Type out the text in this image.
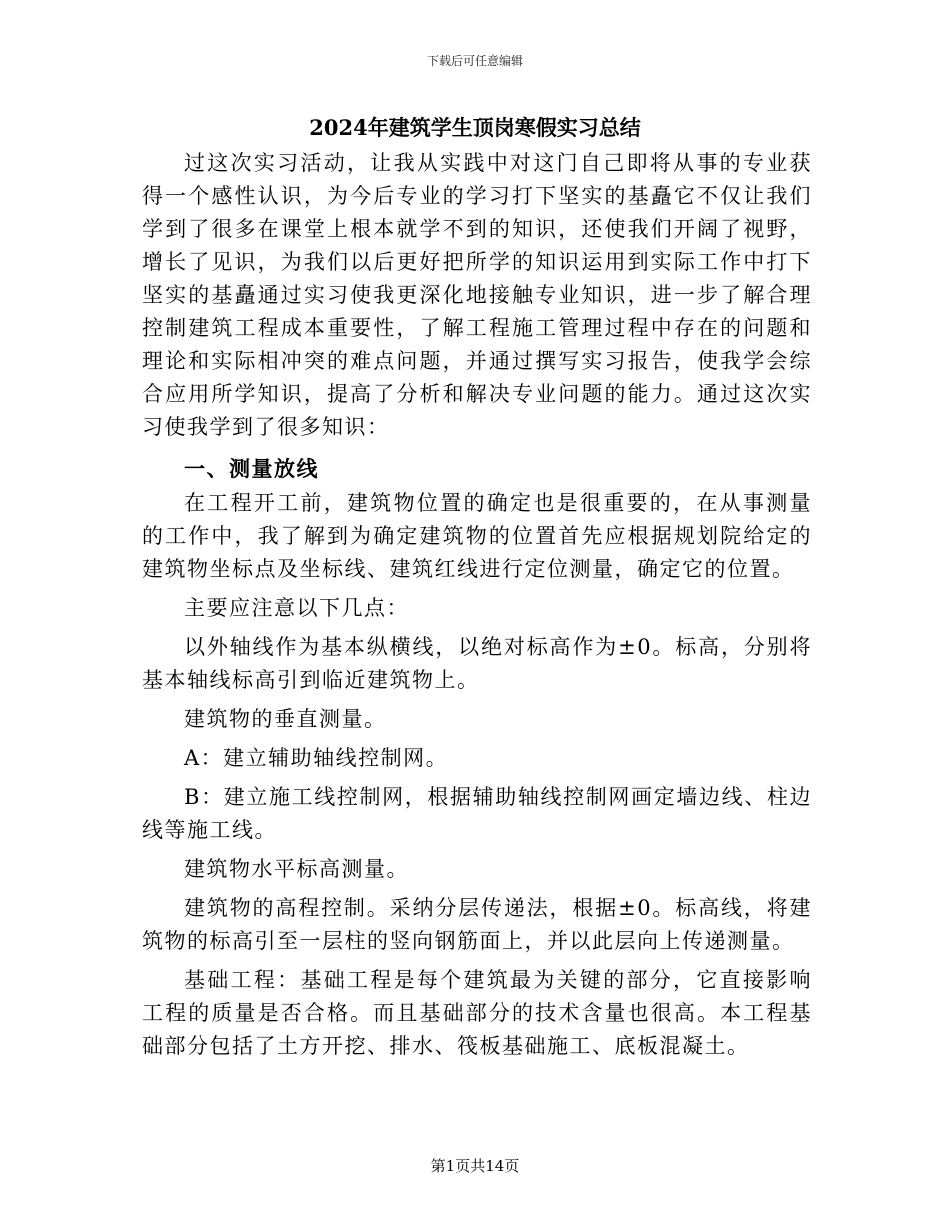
下载后可任意编辑
2024年建筑学生顶岗寒假实习总结

过这次实习活动，让我从实践中对这门自己即将从事的专业获得一个感性认识，为今后专业的学习打下坚实的基矗它不仅让我们学到了很多在课堂上根本就学不到的知识，还使我们开阔了视野，增长了见识，为我们以后更好把所学的知识运用到实际工作中打下坚实的基矗通过实习使我更深化地接触专业知识，进一步了解合理控制建筑工程成本重要性，了解工程施工管理过程中存在的问题和理论和实际相冲突的难点问题，并通过撰写实习报告，使我学会综合应用所学知识，提高了分析和解决专业问题的能力。通过这次实习使我学到了很多知识：

一、测量放线

在工程开工前，建筑物位置的确定也是很重要的，在从事测量的工作中，我了解到为确定建筑物的位置首先应根据规划院给定的建筑物坐标点及坐标线、建筑红线进行定位测量，确定它的位置。

主要应注意以下几点：

以外轴线作为基本纵横线，以绝对标高作为±0。标高，分别将基本轴线标高引到临近建筑物上。

建筑物的垂直测量。

A：建立辅助轴线控制网。

B：建立施工线控制网，根据辅助轴线控制网画定墙边线、柱边线等施工线。

建筑物水平标高测量。

建筑物的高程控制。采纳分层传递法，根据±0。标高线，将建筑物的标高引至一层柱的竖向钢筋面上，并以此层向上传递测量。

基础工程：基础工程是每个建筑最为关键的部分，它直接影响工程的质量是否合格。而且基础部分的技术含量也很高。本工程基础部分包括了土方开挖、排水、筏板基础施工、底板混凝土。

第1页共14页
